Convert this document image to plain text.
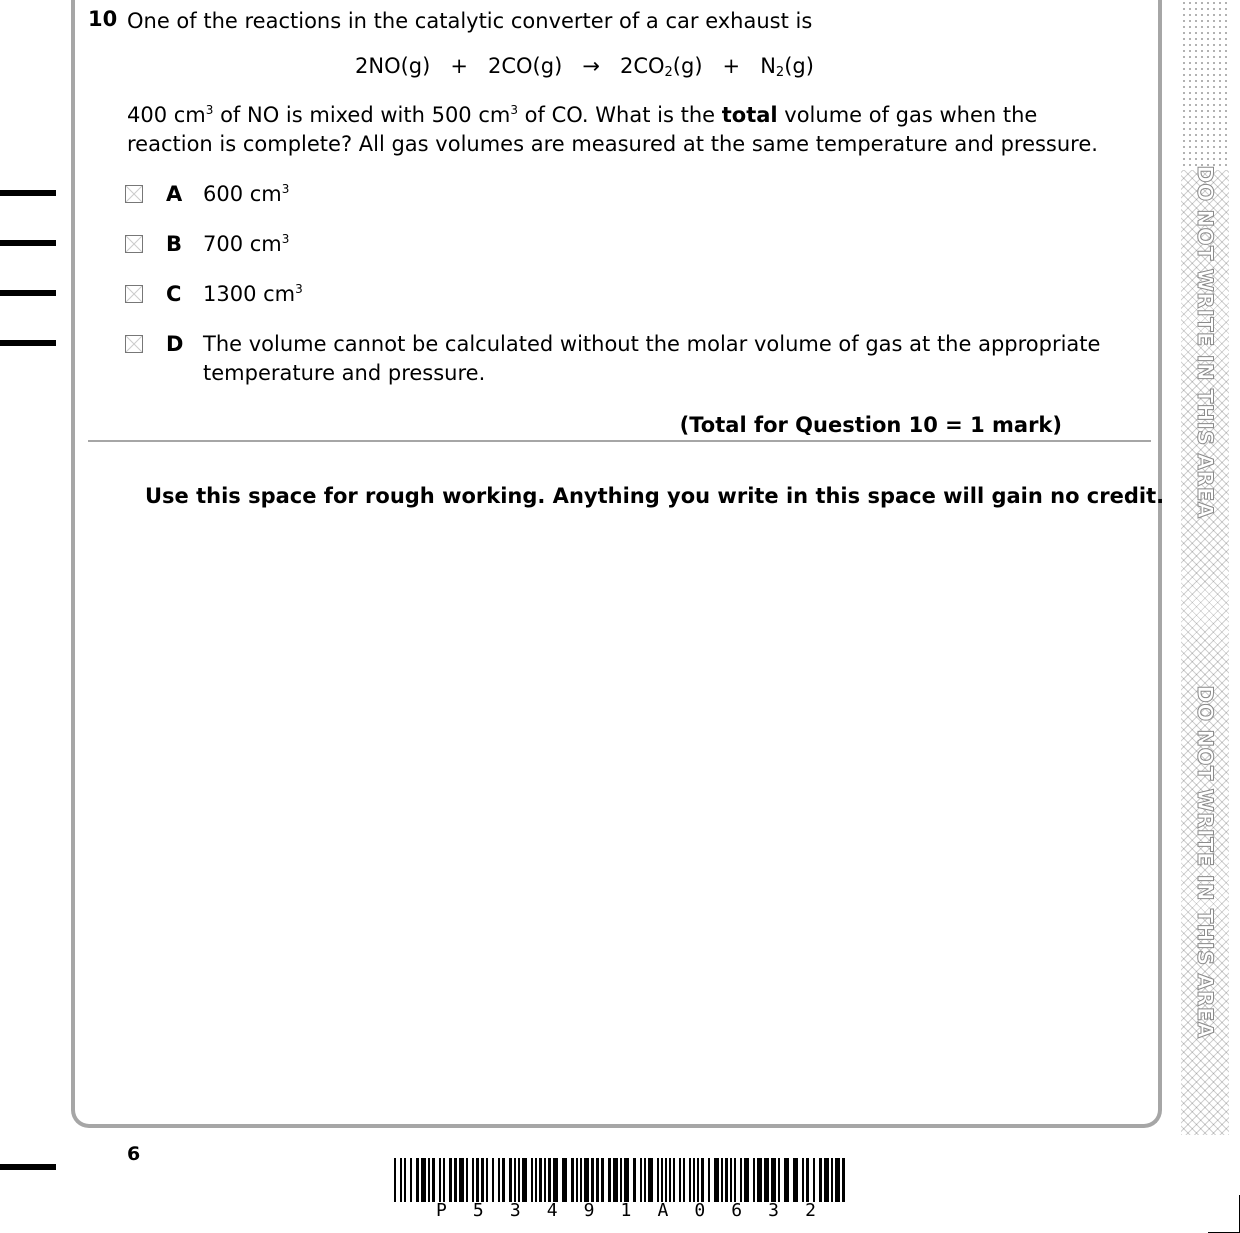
DO NOT WRITE IN THIS AREA
DO NOT WRITE IN THIS AREA
10 One of the reactions in the catalytic converter of a car exhaust is
$2NO(g) + 2CO(g) \to 2CO_2(g) + N_2(g)$
400 $cm^3$ of NO is mixed with 500 $cm^3$ of CO. What is the total volume of gas when the reaction is complete? All gas volumes are measured at the same temperature and pressure.
A 600 $cm^3$
B 700 $cm^3$
C 1300 $cm^3$
D The volume cannot be calculated without the molar volume of gas at the appropriate temperature and pressure.
(Total for Question 10 = 1 mark)
Use this space for rough working. Anything you write in this space will gain no credit.
6
P 5 3 4 9 1 A 0 6 3 2
